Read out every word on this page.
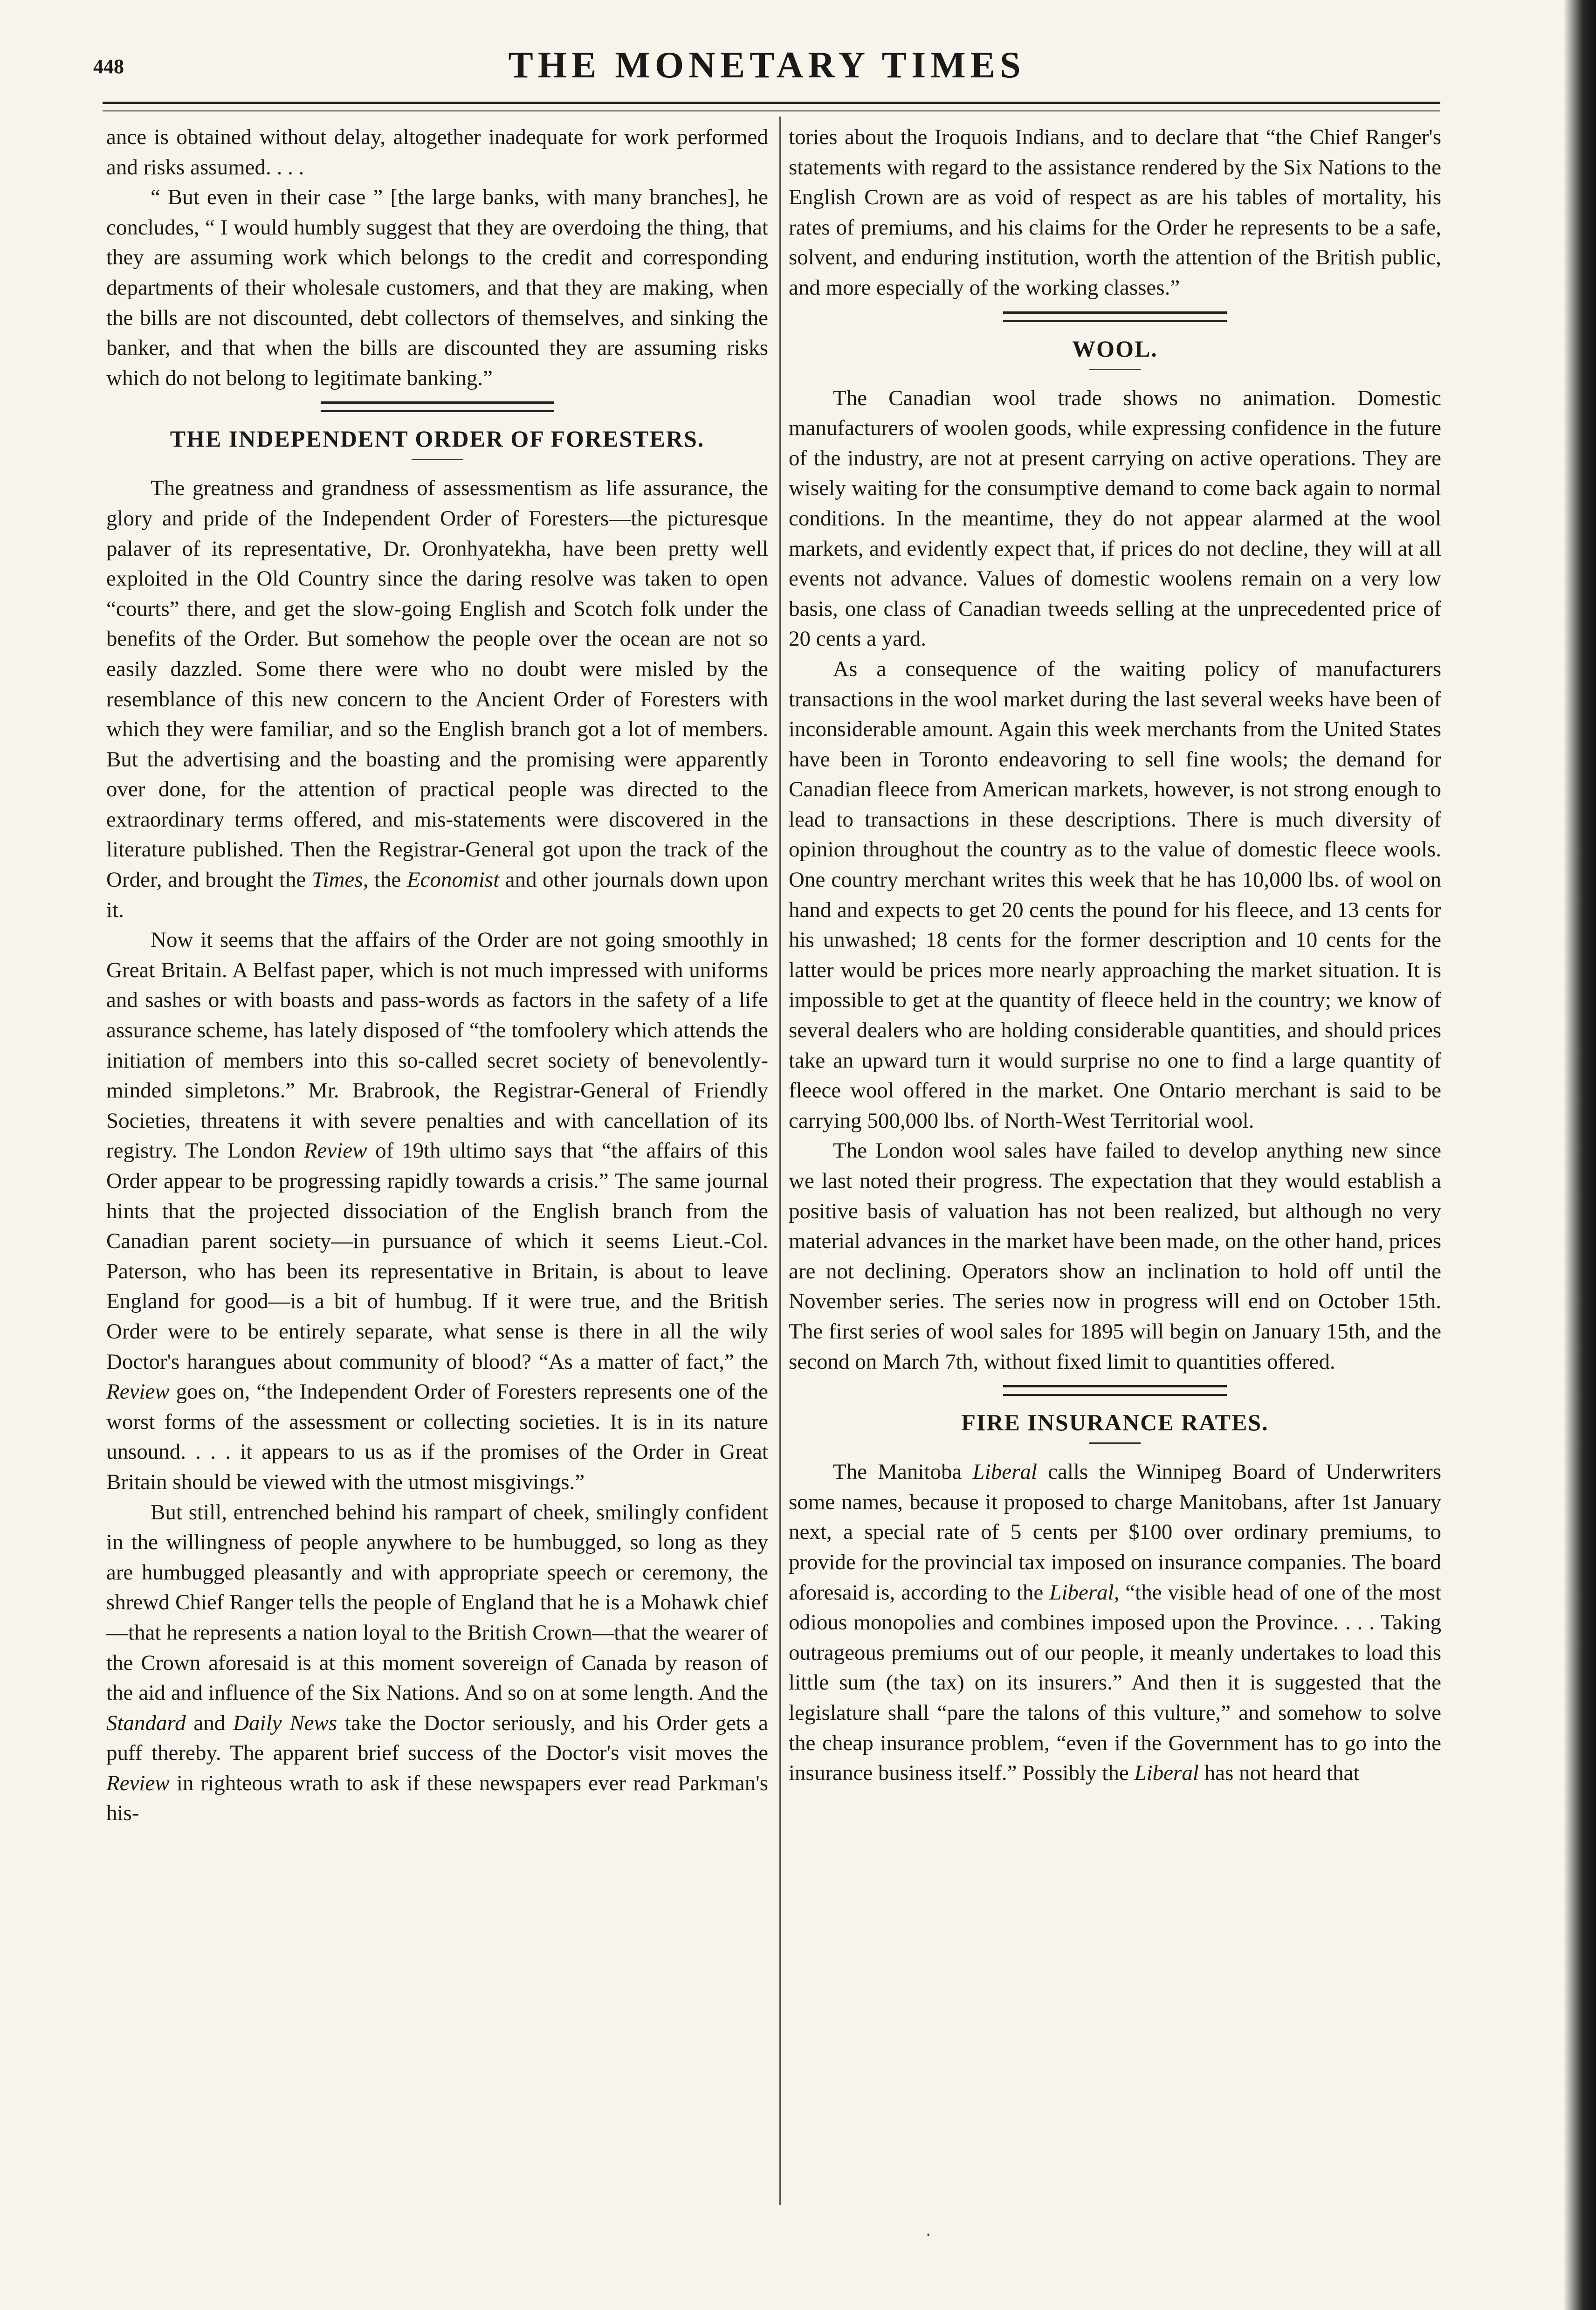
448	THE MONETARY TIMES

ance is obtained without delay, altogether inadequate for work performed and risks assumed. . . .

“ But even in their case ” [the large banks, with many branches], he concludes, “ I would humbly suggest that they are overdoing the thing, that they are assuming work which belongs to the credit and corresponding departments of their wholesale customers, and that they are making, when the bills are not discounted, debt collectors of themselves, and sinking the banker, and that when the bills are discounted they are assuming risks which do not belong to legitimate banking.”

THE INDEPENDENT ORDER OF FORESTERS.

The greatness and grandness of assessmentism as life assurance, the glory and pride of the Independent Order of Foresters—the picturesque palaver of its representative, Dr. Oronhyatekha, have been pretty well exploited in the Old Country since the daring resolve was taken to open “courts” there, and get the slow-going English and Scotch folk under the benefits of the Order. But somehow the people over the ocean are not so easily dazzled. Some there were who no doubt were misled by the resemblance of this new concern to the Ancient Order of Foresters with which they were familiar, and so the English branch got a lot of members. But the advertising and the boasting and the promising were apparently over done, for the attention of practical people was directed to the extraordinary terms offered, and mis-statements were discovered in the literature published. Then the Registrar-General got upon the track of the Order, and brought the Times, the Economist and other journals down upon it.

Now it seems that the affairs of the Order are not going smoothly in Great Britain. A Belfast paper, which is not much impressed with uniforms and sashes or with boasts and pass-words as factors in the safety of a life assurance scheme, has lately disposed of “the tomfoolery which attends the initiation of members into this so-called secret society of benevolently-minded simpletons.” Mr. Brabrook, the Registrar-General of Friendly Societies, threatens it with severe penalties and with cancellation of its registry. The London Review of 19th ultimo says that “the affairs of this Order appear to be progressing rapidly towards a crisis.” The same journal hints that the projected dissociation of the English branch from the Canadian parent society—in pursuance of which it seems Lieut.-Col. Paterson, who has been its representative in Britain, is about to leave England for good—is a bit of humbug. If it were true, and the British Order were to be entirely separate, what sense is there in all the wily Doctor's harangues about community of blood? “As a matter of fact,” the Review goes on, “the Independent Order of Foresters represents one of the worst forms of the assessment or collecting societies. It is in its nature unsound. . . . it appears to us as if the promises of the Order in Great Britain should be viewed with the utmost misgivings.”

But still, entrenched behind his rampart of cheek, smilingly confident in the willingness of people anywhere to be humbugged, so long as they are humbugged pleasantly and with appropriate speech or ceremony, the shrewd Chief Ranger tells the people of England that he is a Mohawk chief—that he represents a nation loyal to the British Crown—that the wearer of the Crown aforesaid is at this moment sovereign of Canada by reason of the aid and influence of the Six Nations. And so on at some length. And the Standard and Daily News take the Doctor seriously, and his Order gets a puff thereby. The apparent brief success of the Doctor's visit moves the Review in righteous wrath to ask if these newspapers ever read Parkman's his-

tories about the Iroquois Indians, and to declare that “the Chief Ranger's statements with regard to the assistance rendered by the Six Nations to the English Crown are as void of respect as are his tables of mortality, his rates of premiums, and his claims for the Order he represents to be a safe, solvent, and enduring institution, worth the attention of the British public, and more especially of the working classes.”

WOOL.

The Canadian wool trade shows no animation. Domestic manufacturers of woolen goods, while expressing confidence in the future of the industry, are not at present carrying on active operations. They are wisely waiting for the consumptive demand to come back again to normal conditions. In the meantime, they do not appear alarmed at the wool markets, and evidently expect that, if prices do not decline, they will at all events not advance. Values of domestic woolens remain on a very low basis, one class of Canadian tweeds selling at the unprecedented price of 20 cents a yard.

As a consequence of the waiting policy of manufacturers transactions in the wool market during the last several weeks have been of inconsiderable amount. Again this week merchants from the United States have been in Toronto endeavoring to sell fine wools; the demand for Canadian fleece from American markets, however, is not strong enough to lead to transactions in these descriptions. There is much diversity of opinion throughout the country as to the value of domestic fleece wools. One country merchant writes this week that he has 10,000 lbs. of wool on hand and expects to get 20 cents the pound for his fleece, and 13 cents for his unwashed; 18 cents for the former description and 10 cents for the latter would be prices more nearly approaching the market situation. It is impossible to get at the quantity of fleece held in the country; we know of several dealers who are holding considerable quantities, and should prices take an upward turn it would surprise no one to find a large quantity of fleece wool offered in the market. One Ontario merchant is said to be carrying 500,000 lbs. of North-West Territorial wool.

The London wool sales have failed to develop anything new since we last noted their progress. The expectation that they would establish a positive basis of valuation has not been realized, but although no very material advances in the market have been made, on the other hand, prices are not declining. Operators show an inclination to hold off until the November series. The series now in progress will end on October 15th. The first series of wool sales for 1895 will begin on January 15th, and the second on March 7th, without fixed limit to quantities offered.

FIRE INSURANCE RATES.

The Manitoba Liberal calls the Winnipeg Board of Underwriters some names, because it proposed to charge Manitobans, after 1st January next, a special rate of 5 cents per $100 over ordinary premiums, to provide for the provincial tax imposed on insurance companies. The board aforesaid is, according to the Liberal, “the visible head of one of the most odious monopolies and combines imposed upon the Province. . . . Taking outrageous premiums out of our people, it meanly undertakes to load this little sum (the tax) on its insurers.” And then it is suggested that the legislature shall “pare the talons of this vulture,” and somehow to solve the cheap insurance problem, “even if the Government has to go into the insurance business itself.” Possibly the Liberal has not heard that

·
